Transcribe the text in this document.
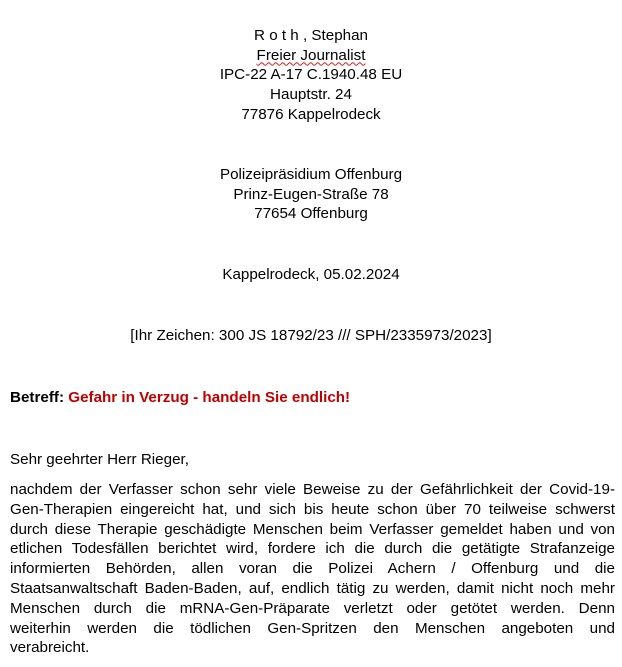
R o t h , Stephan
Freier Journalist
IPC-22 A-17 C.1940.48 EU
Hauptstr. 24
77876 Kappelrodeck
Polizeipräsidium Offenburg
Prinz-Eugen-Straße 78
77654 Offenburg
Kappelrodeck, 05.02.2024
[Ihr Zeichen: 300 JS 18792/23 /// SPH/2335973/2023]
Betreff: Gefahr in Verzug - handeln Sie endlich!
Sehr geehrter Herr Rieger,
nachdem der Verfasser schon sehr viele Beweise zu der Gefährlichkeit der Covid-19-
Gen-Therapien eingereicht hat, und sich bis heute schon über 70 teilweise schwerst
durch diese Therapie geschädigte Menschen beim Verfasser gemeldet haben und von
etlichen Todesfällen berichtet wird, fordere ich die durch die getätigte Strafanzeige
informierten Behörden, allen voran die Polizei Achern / Offenburg und die
Staatsanwaltschaft Baden-Baden, auf, endlich tätig zu werden, damit nicht noch mehr
Menschen durch die mRNA-Gen-Präparate verletzt oder getötet werden. Denn
weiterhin werden die tödlichen Gen-Spritzen den Menschen angeboten und
verabreicht.
